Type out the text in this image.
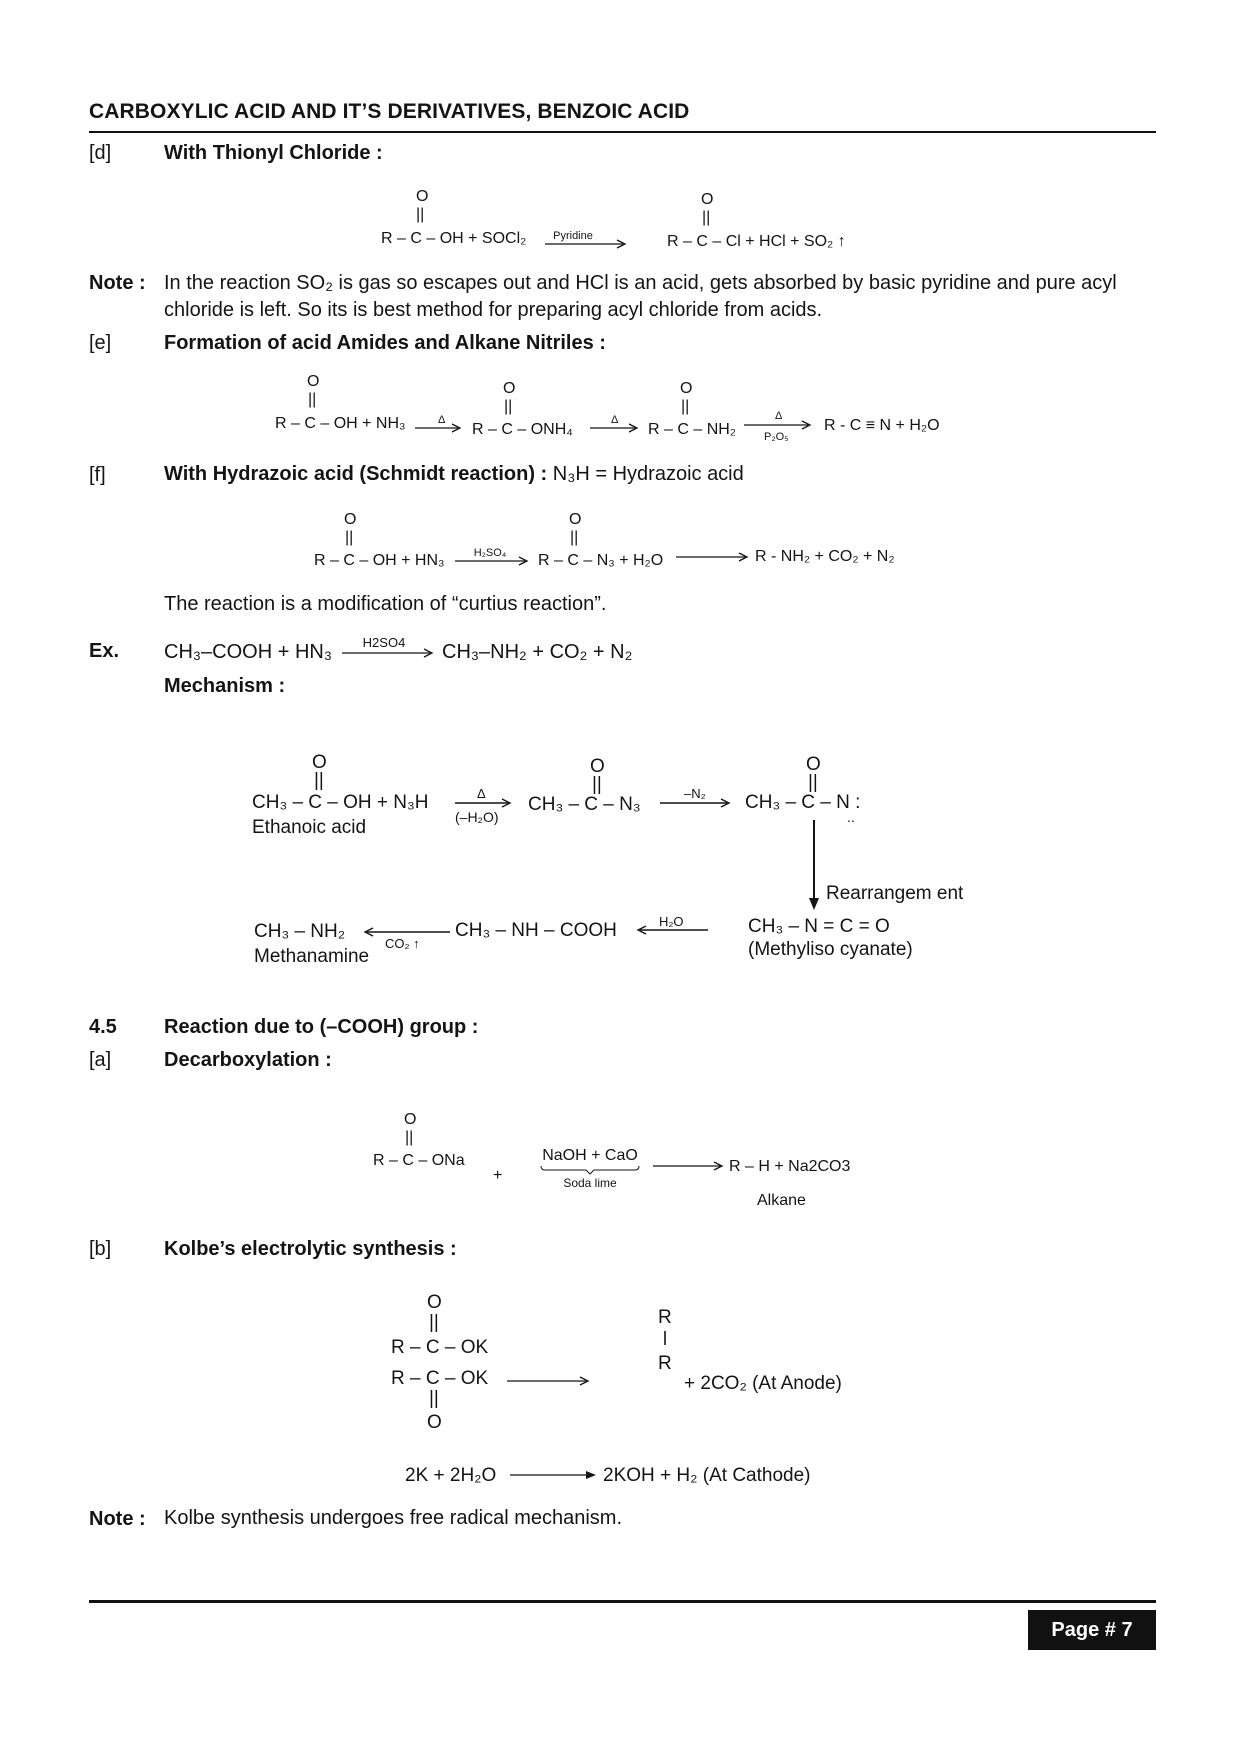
CARBOXYLIC ACID AND IT’S DERIVATIVES, BENZOIC ACID
[d]	With Thionyl Chloride :
O
||
R – C – OH + SOCl₂ Pyridine
O
||
R – C – Cl + HCl + SO₂ ↑
Note : In the reaction SO₂ is gas so escapes out and HCl is an acid, gets absorbed by basic pyridine and pure acyl
chloride is left. So its is best method for preparing acyl chloride from acids.
[e]	Formation of acid Amides and Alkane Nitriles :
O
||
R – C – OH + NH₃	Δ
O
||
R – C – ONH₄
Δ
O
||
R – C – NH₂
Δ
P₂O₅
R - C ≡ N + H₂O
[f]	With Hydrazoic acid (Schmidt reaction) : N₃H = Hydrazoic acid
O
||
R – C – OH + HN₃	H₂SO₄
O
||
R – C – N₃ + H₂O	R - NH₂ + CO₂ + N₂
The reaction is a modification of “curtius reaction”.
Ex. CH₃–COOH + HN₃ H2SO4 CH₃–NH₂ + CO₂ + N₂
Mechanism :
O
||
CH₃ – C – OH + N₃H
Ethanoic acid
Δ
(–H₂O)
O
||
CH₃ – C – N₃
–N₂
O
||
CH₃ – C – N :
..
Rearrangem ent
CH₃ – N = C = O
(Methyliso cyanate)
H₂O
CH₃ – NH – COOH
CO₂ ↑
CH₃ – NH₂
Methanamine
4.5 Reaction due to (–COOH) group :
[a]	Decarboxylation :
O
||
R – C – ONa
+
NaOH + CaO
Soda lime
R – H + Na2CO3
Alkane
[b]	Kolbe’s electrolytic synthesis :
O
||
R – C – OK
R – C – OK
||
O
R
R
+ 2CO₂ (At Anode)
2K + 2H₂O	2KOH + H₂ (At Cathode)
Note : Kolbe synthesis undergoes free radical mechanism.
Page # 7
